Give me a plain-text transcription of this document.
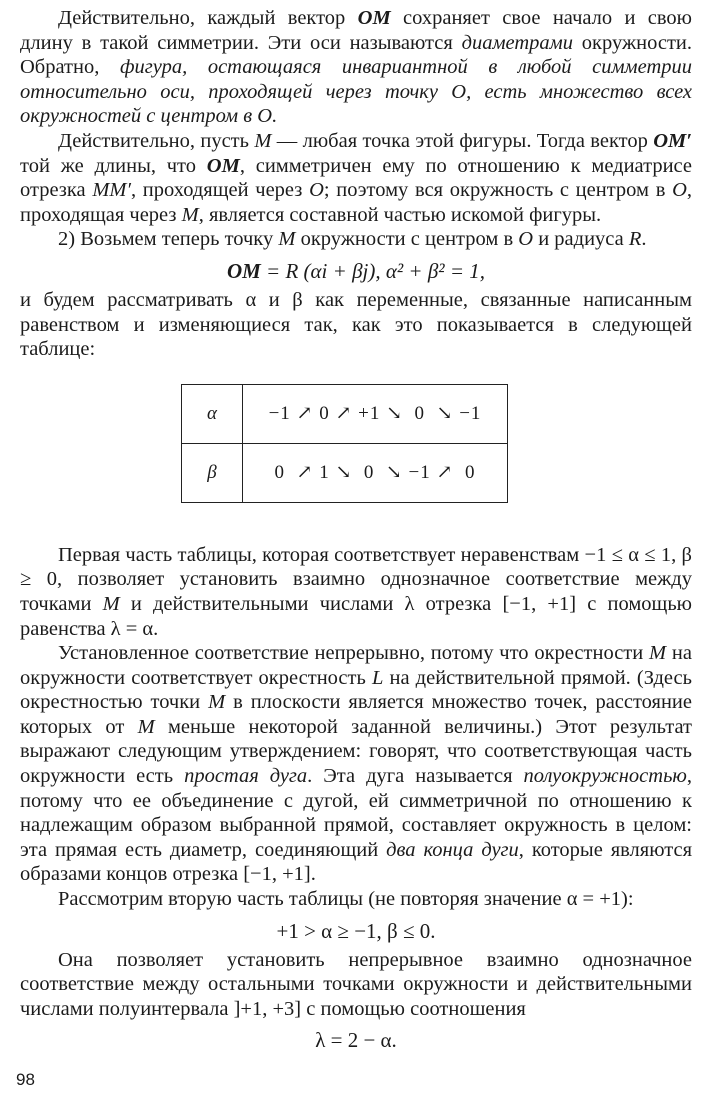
Действительно, каждый вектор OM сохраняет свое начало и свою длину в такой симметрии. Эти оси называются диаметрами окружности. Обратно, фигура, остающаяся инвариантной в любой симметрии относительно оси, проходящей через точку O, есть множество всех окружностей с центром в O.

Действительно, пусть M — любая точка этой фигуры. Тогда вектор OM′ той же длины, что OM, симметричен ему по отношению к медиатрисе отрезка MM′, проходящей через O; поэтому вся окружность с центром в O, проходящая через M, является составной частью искомой фигуры.

2) Возьмем теперь точку M окружности с центром в O и радиуса R.

OM = R (αi + βj), α² + β² = 1,

и будем рассматривать α и β как переменные, связанные написанным равенством и изменяющиеся так, как это показывается в следующей таблице:

α	−1 ↗ 0 ↗ +1 ↘  0  ↘ −1
β	0  ↗ 1 ↘  0  ↘ −1 ↗  0

Первая часть таблицы, которая соответствует неравенствам −1 ≤ α ≤ 1, β ≥ 0, позволяет установить взаимно однозначное соответствие между точками M и действительными числами λ отрезка [−1, +1] с помощью равенства λ = α.

Установленное соответствие непрерывно, потому что окрестности M на окружности соответствует окрестность L на действительной прямой. (Здесь окрестностью точки M в плоскости является множество точек, расстояние которых от M меньше некоторой заданной величины.) Этот результат выражают следующим утверждением: говорят, что соответствующая часть окружности есть простая дуга. Эта дуга называется полуокружностью, потому что ее объединение с дугой, ей симметричной по отношению к надлежащим образом выбранной прямой, составляет окружность в целом: эта прямая есть диаметр, соединяющий два конца дуги, которые являются образами концов отрезка [−1, +1].

Рассмотрим вторую часть таблицы (не повторяя значение α = +1):

+1 > α ≥ −1, β ≤ 0.

Она позволяет установить непрерывное взаимно однозначное соответствие между остальными точками окружности и действительными числами полуинтервала ]+1, +3] с помощью соотношения

λ = 2 − α.

98
